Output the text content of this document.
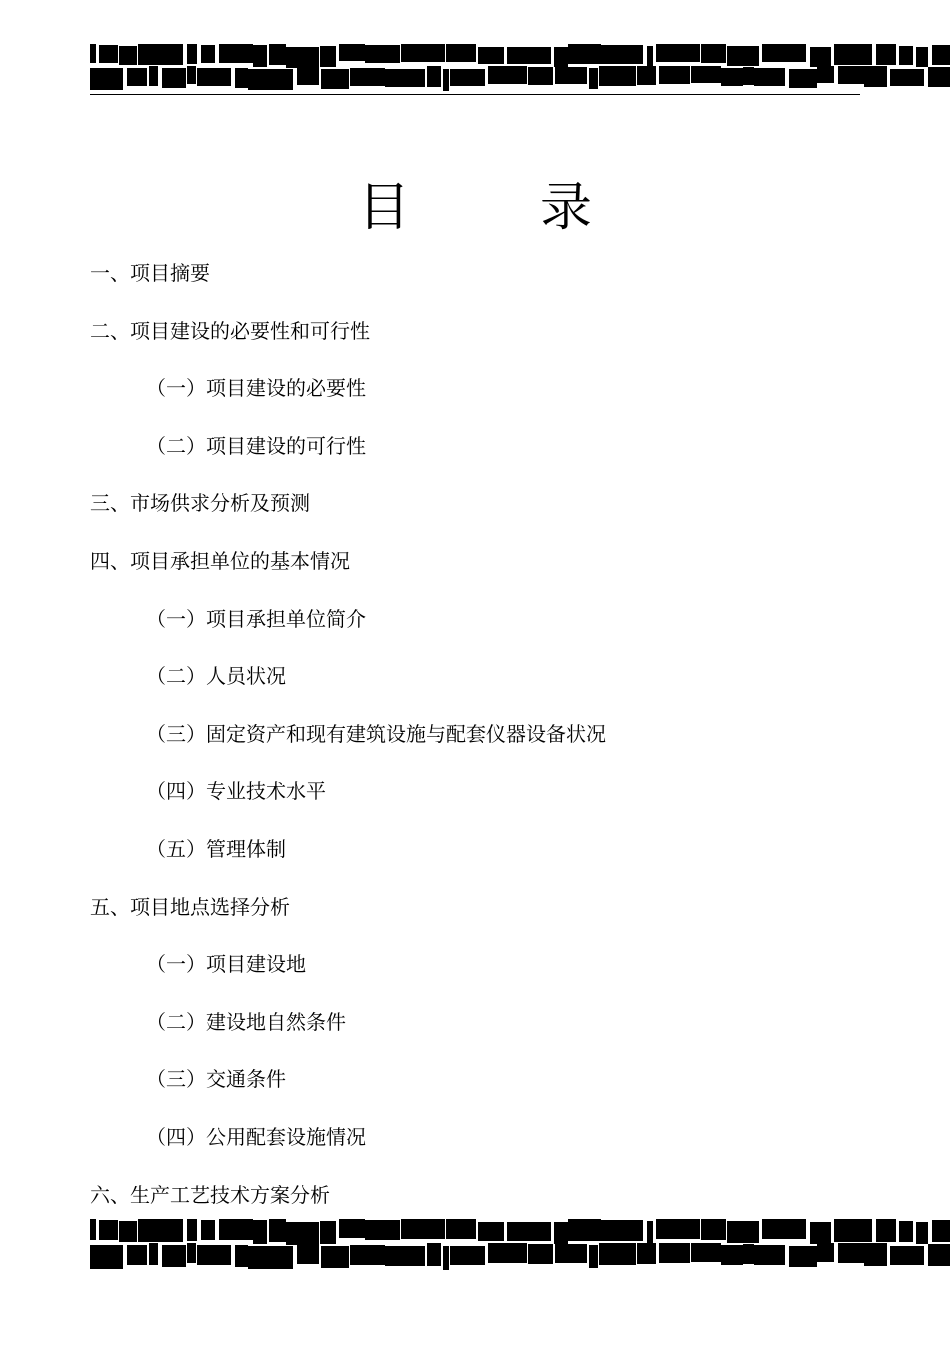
目	录
一、项目摘要
二、项目建设的必要性和可行性
（一）项目建设的必要性
（二）项目建设的可行性
三、市场供求分析及预测
四、项目承担单位的基本情况
（一）项目承担单位简介
（二）人员状况
（三）固定资产和现有建筑设施与配套仪器设备状况
（四）专业技术水平
（五）管理体制
五、项目地点选择分析
（一）项目建设地
（二）建设地自然条件
（三）交通条件
（四）公用配套设施情况
六、生产工艺技术方案分析
